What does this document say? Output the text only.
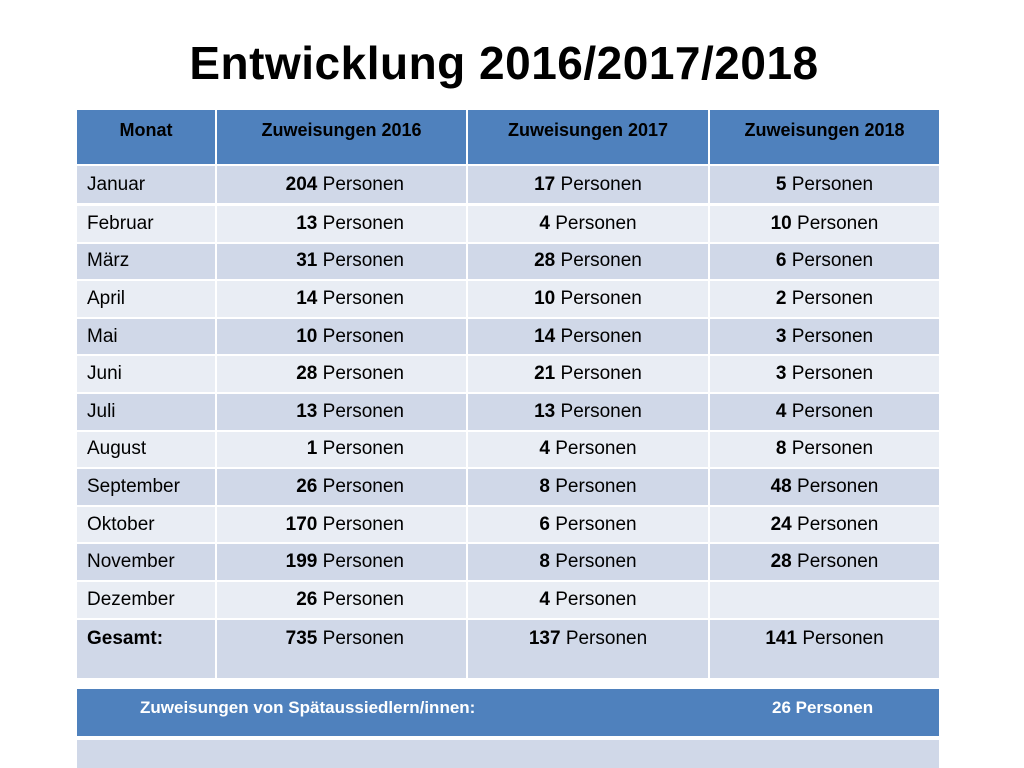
Entwicklung 2016/2017/2018
Monat	Zuweisungen 2016	Zuweisungen 2017	Zuweisungen 2018
Januar	204 Personen	17 Personen	5 Personen
Februar	13 Personen	4 Personen	10 Personen
März	31 Personen	28 Personen	6 Personen
April	14 Personen	10 Personen	2 Personen
Mai	10 Personen	14 Personen	3 Personen
Juni	28 Personen	21 Personen	3 Personen
Juli	13 Personen	13 Personen	4 Personen
August	1 Personen	4 Personen	8 Personen
September	26 Personen	8 Personen	48 Personen
Oktober	170 Personen	6 Personen	24 Personen
November	199 Personen	8 Personen	28 Personen
Dezember	26 Personen	4 Personen	
Gesamt:	735 Personen	137 Personen	141 Personen
Zuweisungen von Spätaussiedlern/innen:	26 Personen
